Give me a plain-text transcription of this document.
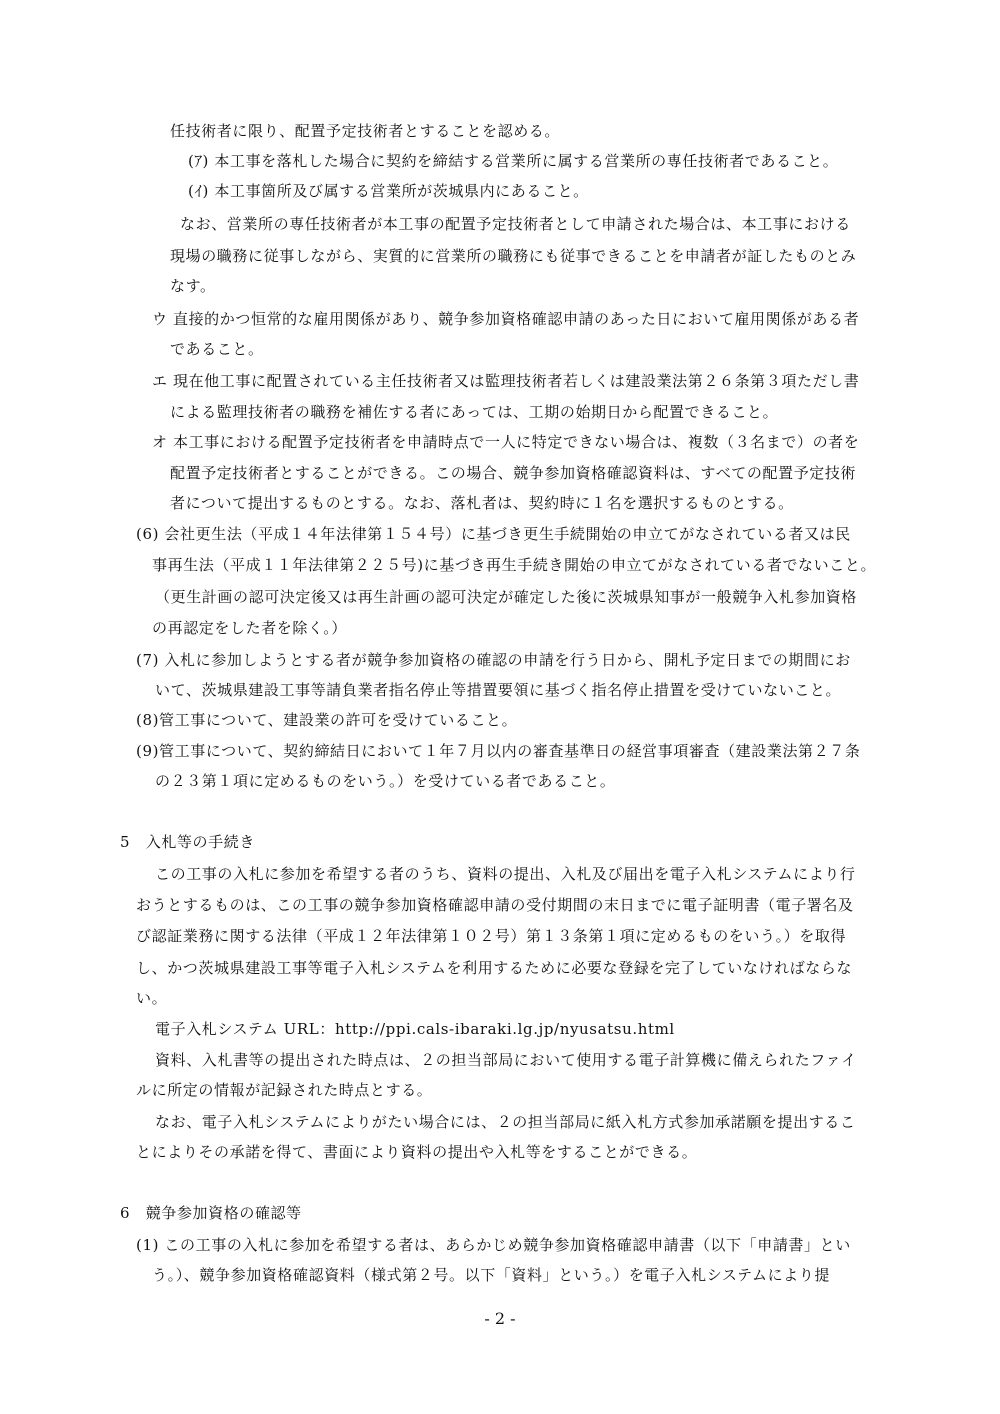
任技術者に限り、配置予定技術者とすることを認める。
(ｱ) 本工事を落札した場合に契約を締結する営業所に属する営業所の専任技術者であること。
(ｲ) 本工事箇所及び属する営業所が茨城県内にあること。
なお、営業所の専任技術者が本工事の配置予定技術者として申請された場合は、本工事における
現場の職務に従事しながら、実質的に営業所の職務にも従事できることを申請者が証したものとみ
なす。
ウ 直接的かつ恒常的な雇用関係があり、競争参加資格確認申請のあった日において雇用関係がある者
であること。
エ 現在他工事に配置されている主任技術者又は監理技術者若しくは建設業法第２６条第３項ただし書
による監理技術者の職務を補佐する者にあっては、工期の始期日から配置できること。
オ 本工事における配置予定技術者を申請時点で一人に特定できない場合は、複数（３名まで）の者を
配置予定技術者とすることができる。この場合、競争参加資格確認資料は、すべての配置予定技術
者について提出するものとする。なお、落札者は、契約時に１名を選択するものとする。
(6) 会社更生法（平成１４年法律第１５４号）に基づき更生手続開始の申立てがなされている者又は民
事再生法（平成１１年法律第２２５号)に基づき再生手続き開始の申立てがなされている者でないこと。
（更生計画の認可決定後又は再生計画の認可決定が確定した後に茨城県知事が一般競争入札参加資格
の再認定をした者を除く。）
(7) 入札に参加しようとする者が競争参加資格の確認の申請を行う日から、開札予定日までの期間にお
いて、茨城県建設工事等請負業者指名停止等措置要領に基づく指名停止措置を受けていないこと。
(8)管工事について、建設業の許可を受けていること。
(9)管工事について、契約締結日において１年７月以内の審査基準日の経営事項審査（建設業法第２７条
の２３第１項に定めるものをいう。）を受けている者であること。
5　入札等の手続き
この工事の入札に参加を希望する者のうち、資料の提出、入札及び届出を電子入札システムにより行
おうとするものは、この工事の競争参加資格確認申請の受付期間の末日までに電子証明書（電子署名及
び認証業務に関する法律（平成１２年法律第１０２号）第１３条第１項に定めるものをいう。）を取得
し、かつ茨城県建設工事等電子入札システムを利用するために必要な登録を完了していなければならな
い。
電子入札システム URL：http://ppi.cals-ibaraki.lg.jp/nyusatsu.html
資料、入札書等の提出された時点は、２の担当部局において使用する電子計算機に備えられたファイ
ルに所定の情報が記録された時点とする。
なお、電子入札システムによりがたい場合には、２の担当部局に紙入札方式参加承諾願を提出するこ
とによりその承諾を得て、書面により資料の提出や入札等をすることができる。
6　競争参加資格の確認等
(1) この工事の入札に参加を希望する者は、あらかじめ競争参加資格確認申請書（以下「申請書」とい
う。）、競争参加資格確認資料（様式第２号。以下「資料」という。）を電子入札システムにより提
- 2 -
